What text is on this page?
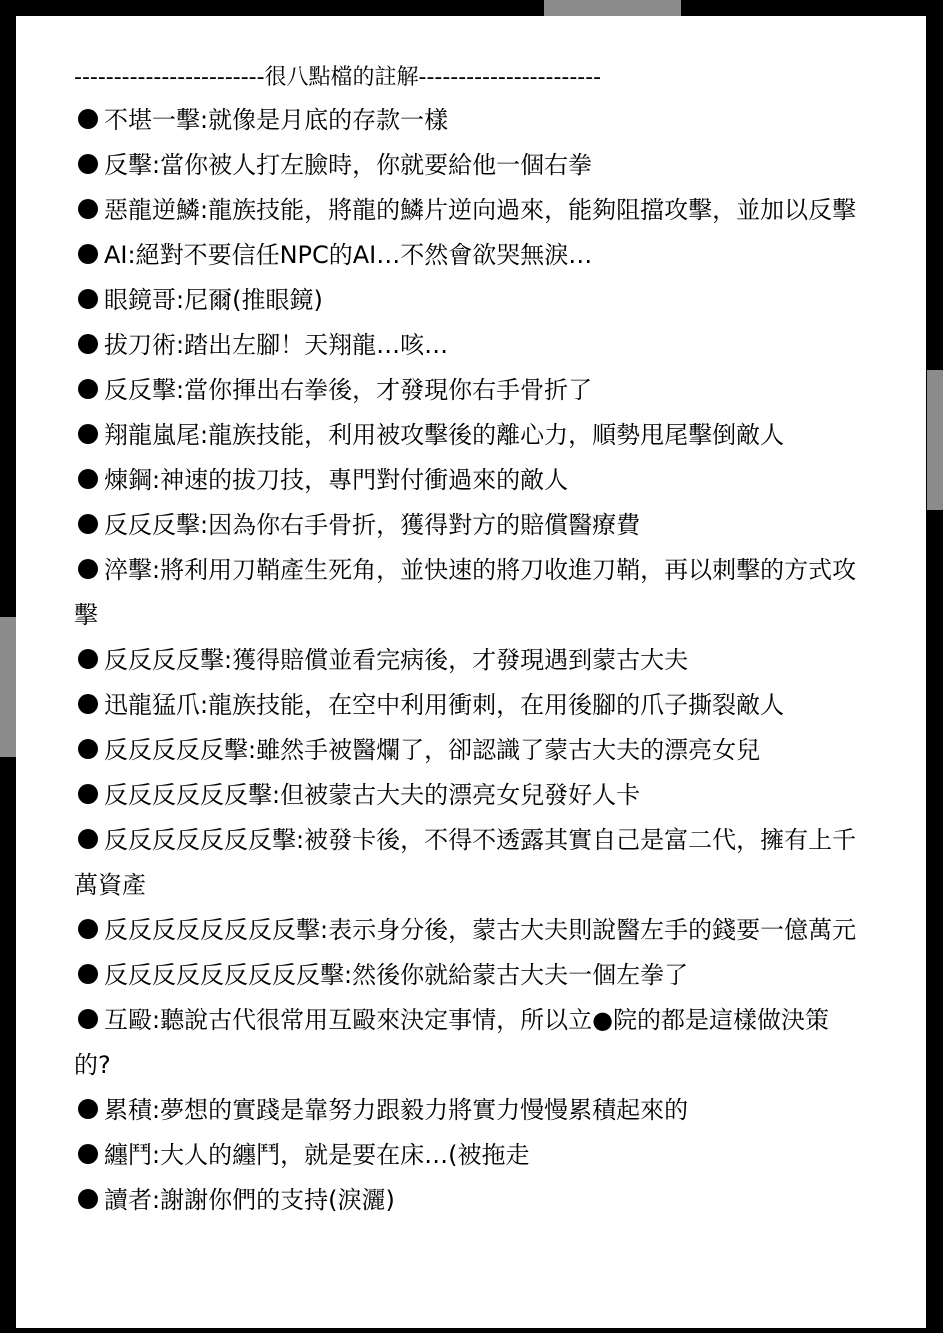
------------------------很八點檔的註解-----------------------
不堪一擊:就像是月底的存款一樣
反擊:當你被人打左臉時，你就要給他一個右拳
惡龍逆鱗:龍族技能，將龍的鱗片逆向過來，能夠阻擋攻擊，並加以反擊
AI:絕對不要信任NPC的AI…不然會欲哭無淚…
眼鏡哥:尼爾(推眼鏡)
拔刀術:踏出左腳！天翔龍…咳…
反反擊:當你揮出右拳後，才發現你右手骨折了
翔龍嵐尾:龍族技能，利用被攻擊後的離心力，順勢甩尾擊倒敵人
煉鋼:神速的拔刀技，專門對付衝過來的敵人
反反反擊:因為你右手骨折，獲得對方的賠償醫療費
淬擊:將利用刀鞘產生死角，並快速的將刀收進刀鞘，再以刺擊的方式攻擊
反反反反擊:獲得賠償並看完病後，才發現遇到蒙古大夫
迅龍猛爪:龍族技能，在空中利用衝刺，在用後腳的爪子撕裂敵人
反反反反反擊:雖然手被醫爛了，卻認識了蒙古大夫的漂亮女兒
反反反反反反擊:但被蒙古大夫的漂亮女兒發好人卡
反反反反反反反擊:被發卡後，不得不透露其實自己是富二代，擁有上千萬資產
反反反反反反反反擊:表示身分後，蒙古大夫則說醫左手的錢要一億萬元
反反反反反反反反反擊:然後你就給蒙古大夫一個左拳了
互毆:聽說古代很常用互毆來決定事情，所以立●院的都是這樣做決策的?
累積:夢想的實踐是靠努力跟毅力將實力慢慢累積起來的
纏鬥:大人的纏鬥，就是要在床…(被拖走
讀者:謝謝你們的支持(淚灑)
